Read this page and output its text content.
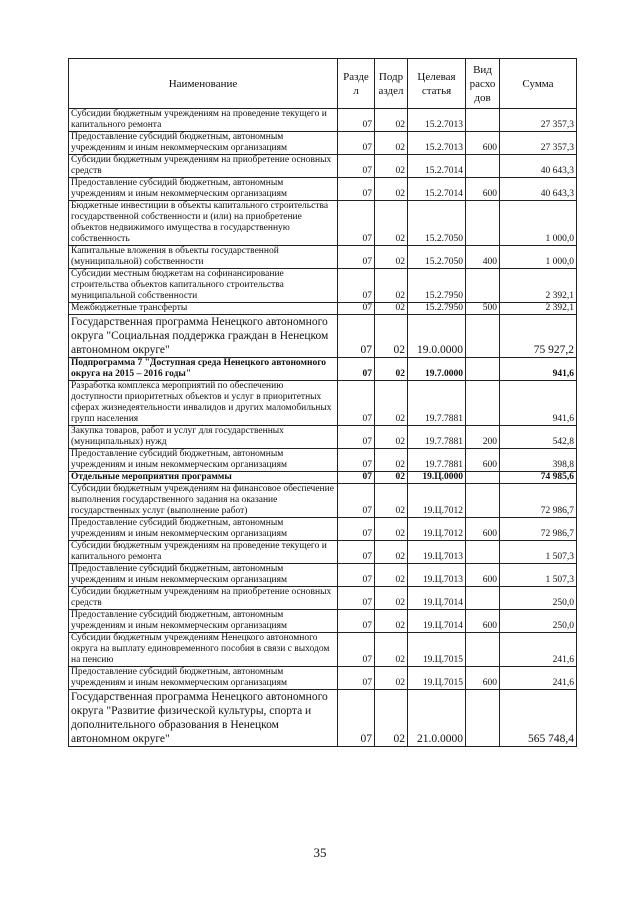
Наименование	Разде л	Подр аздел	Целевая статья	Вид расхо дов	Сумма
Субсидии бюджетным учреждениям на проведение текущего и капитального ремонта	07	02	15.2.7013		27 357,3
Предоставление субсидий бюджетным, автономным учреждениям и иным некоммерческим организациям	07	02	15.2.7013	600	27 357,3
Субсидии бюджетным учреждениям на приобретение основных средств	07	02	15.2.7014		40 643,3
Предоставление субсидий бюджетным, автономным учреждениям и иным некоммерческим организациям	07	02	15.2.7014	600	40 643,3
Бюджетные инвестиции в объекты капитального строительства государственной собственности и (или) на приобретение объектов недвижимого имущества в государственную собственность	07	02	15.2.7050		1 000,0
Капитальные вложения в объекты государственной (муниципальной) собственности	07	02	15.2.7050	400	1 000,0
Субсидии местным бюджетам на софинансирование строительства объектов капитального строительства муниципальной собственности	07	02	15.2.7950		2 392,1
Межбюджетные трансферты	07	02	15.2.7950	500	2 392,1
Государственная программа Ненецкого автономного округа "Социальная поддержка граждан в Ненецком автономном округе"	07	02	19.0.0000		75 927,2
Подпрограмма 7 "Доступная среда Ненецкого автономного округа на 2015 – 2016 годы"	07	02	19.7.0000		941,6
Разработка комплекса мероприятий по обеспечению доступности приоритетных объектов и услуг в приоритетных сферах жизнедеятельности инвалидов и других маломобильных групп населения	07	02	19.7.7881		941,6
Закупка товаров, работ и услуг для государственных (муниципальных) нужд	07	02	19.7.7881	200	542,8
Предоставление субсидий бюджетным, автономным учреждениям и иным некоммерческим организациям	07	02	19.7.7881	600	398,8
Отдельные мероприятия программы	07	02	19.Ц.0000		74 985,6
Субсидии бюджетным учреждениям на финансовое обеспечение выполнения государственного задания на оказание государственных услуг (выполнение работ)	07	02	19.Ц.7012		72 986,7
Предоставление субсидий бюджетным, автономным учреждениям и иным некоммерческим организациям	07	02	19.Ц.7012	600	72 986,7
Субсидии бюджетным учреждениям на проведение текущего и капитального ремонта	07	02	19.Ц.7013		1 507,3
Предоставление субсидий бюджетным, автономным учреждениям и иным некоммерческим организациям	07	02	19.Ц.7013	600	1 507,3
Субсидии бюджетным учреждениям на приобретение основных средств	07	02	19.Ц.7014		250,0
Предоставление субсидий бюджетным, автономным учреждениям и иным некоммерческим организациям	07	02	19.Ц.7014	600	250,0
Субсидии бюджетным учреждениям Ненецкого автономного округа на выплату единовременного пособия в связи с выходом на пенсию	07	02	19.Ц.7015		241,6
Предоставление субсидий бюджетным, автономным учреждениям и иным некоммерческим организациям	07	02	19.Ц.7015	600	241,6
Государственная программа Ненецкого автономного округа "Развитие физической культуры, спорта и дополнительного образования в Ненецком автономном округе"	07	02	21.0.0000		565 748,4
35
